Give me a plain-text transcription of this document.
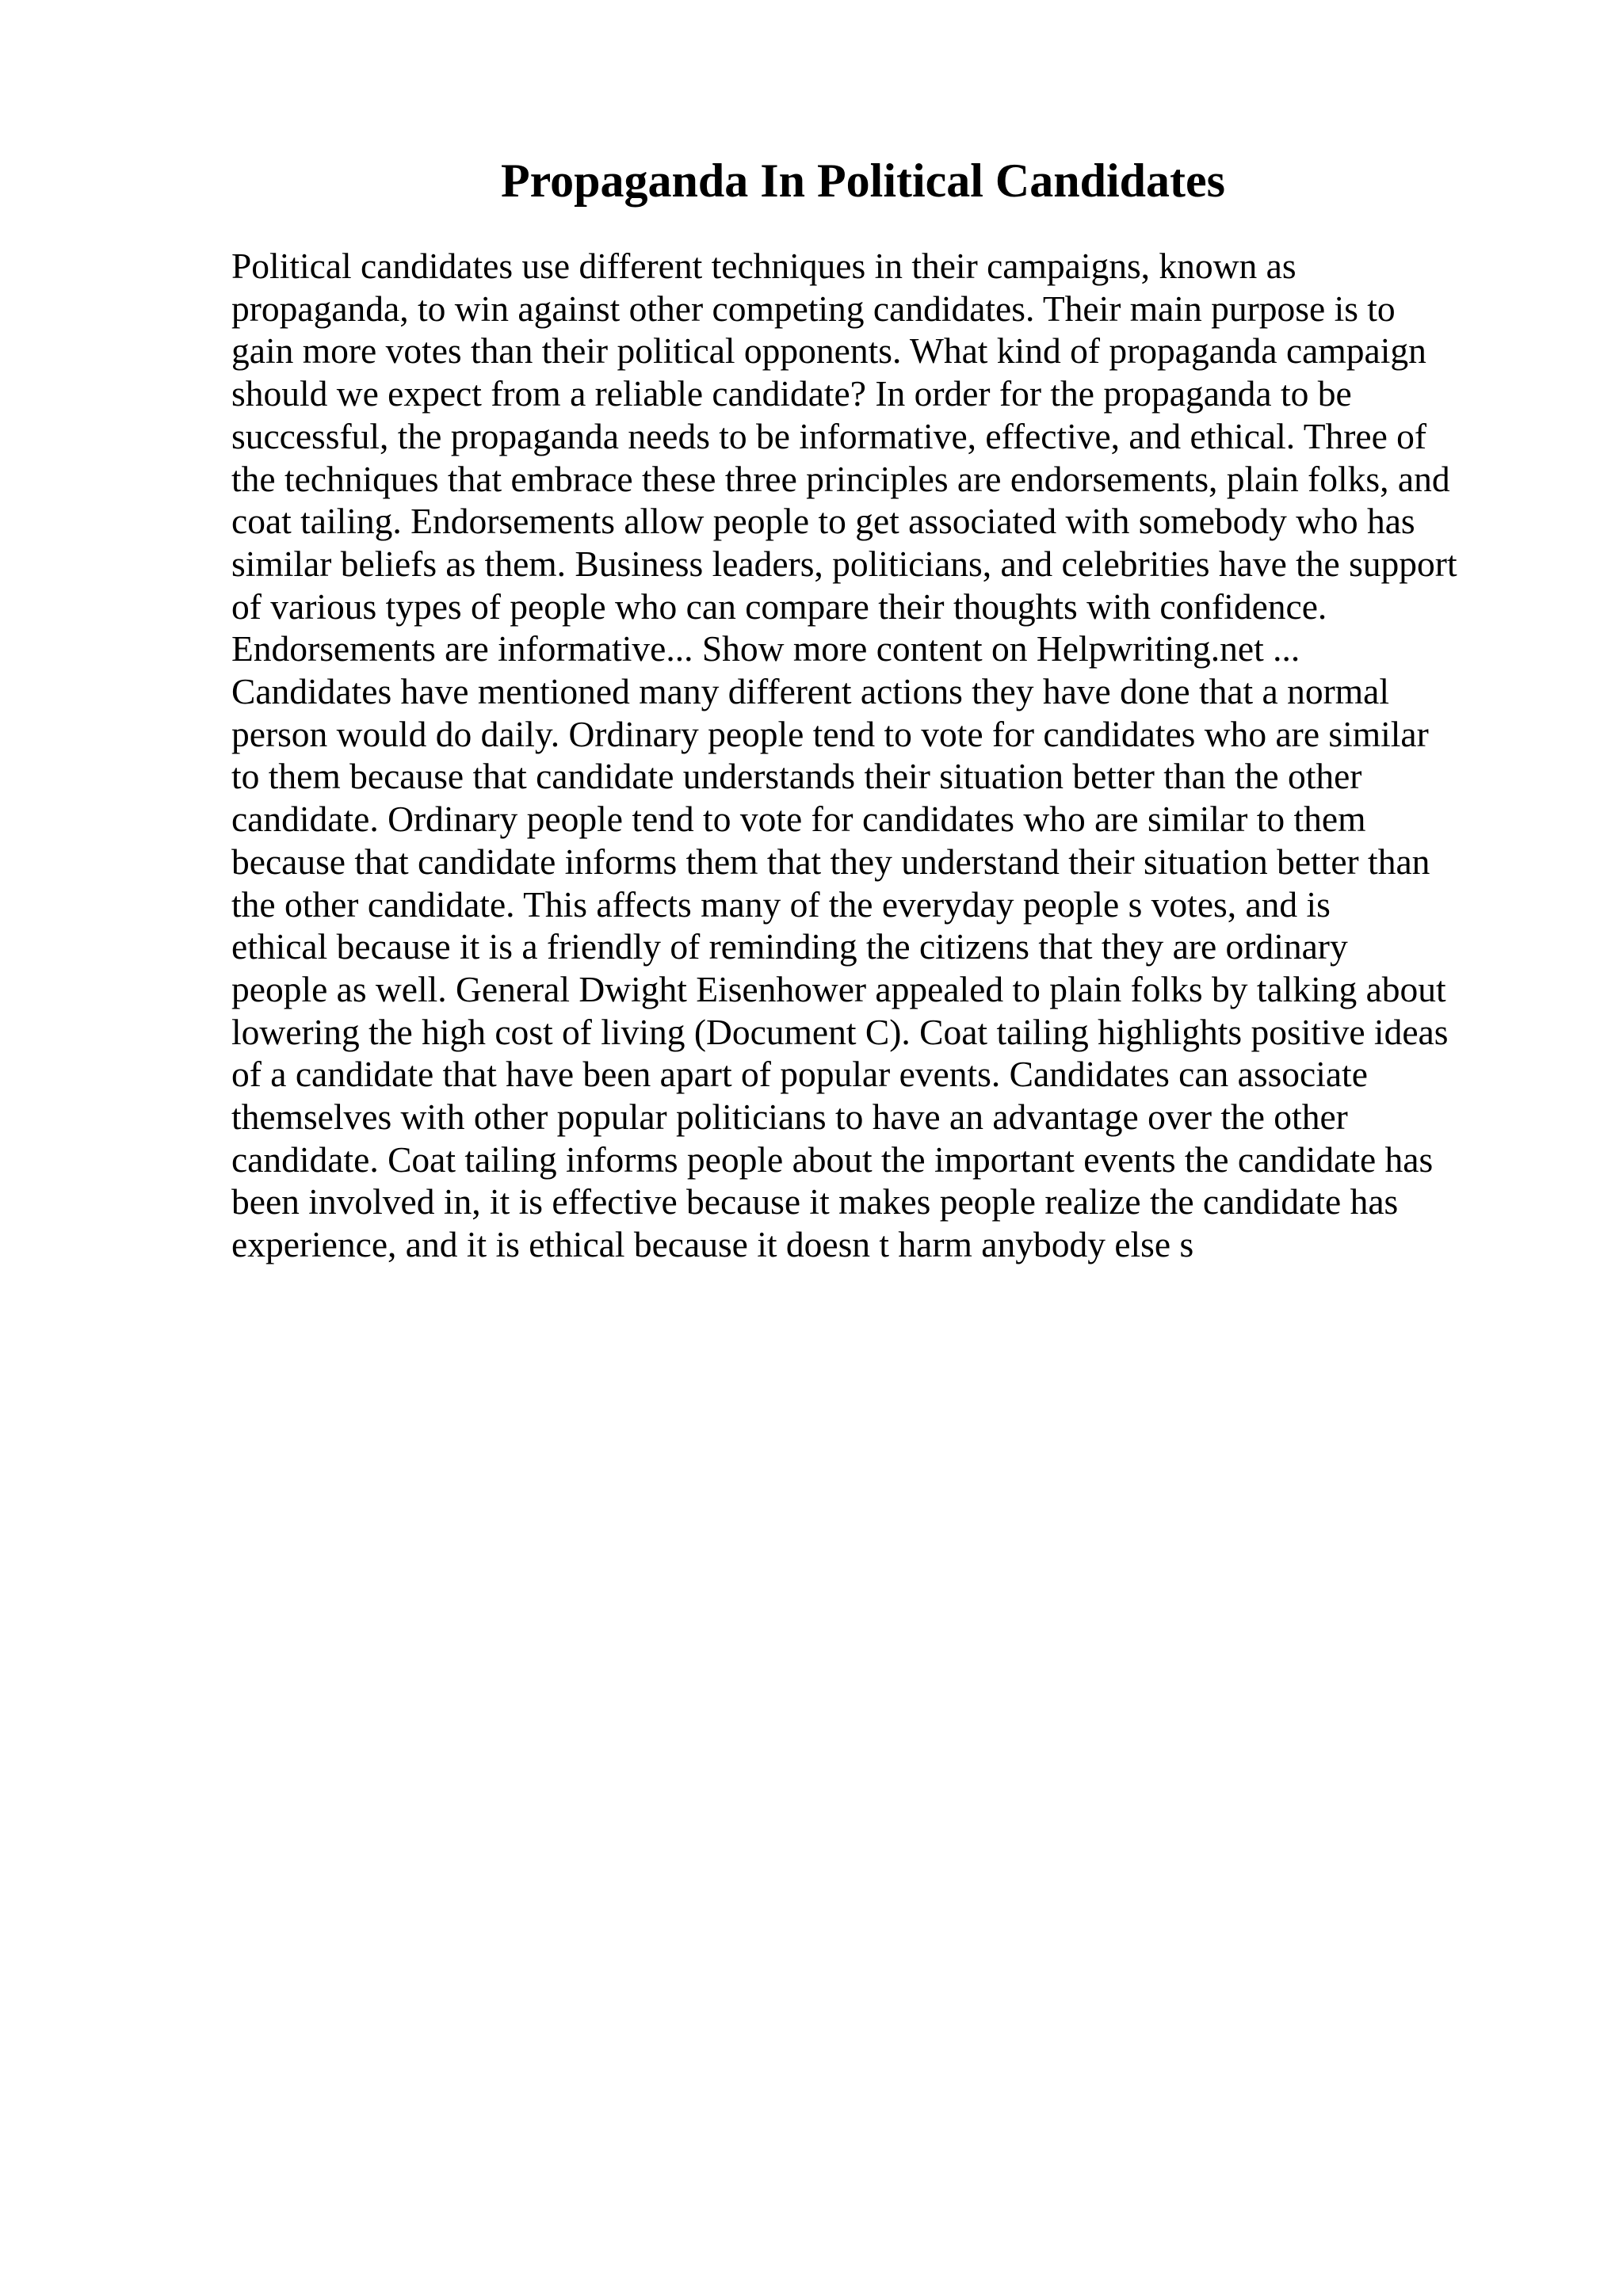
Propaganda In Political Candidates
Political candidates use different techniques in their campaigns, known as
propaganda, to win against other competing candidates. Their main purpose is to
gain more votes than their political opponents. What kind of propaganda campaign
should we expect from a reliable candidate? In order for the propaganda to be
successful, the propaganda needs to be informative, effective, and ethical. Three of
the techniques that embrace these three principles are endorsements, plain folks, and
coat tailing. Endorsements allow people to get associated with somebody who has
similar beliefs as them. Business leaders, politicians, and celebrities have the support
of various types of people who can compare their thoughts with confidence.
Endorsements are informative... Show more content on Helpwriting.net ...
Candidates have mentioned many different actions they have done that a normal
person would do daily. Ordinary people tend to vote for candidates who are similar
to them because that candidate understands their situation better than the other
candidate. Ordinary people tend to vote for candidates who are similar to them
because that candidate informs them that they understand their situation better than
the other candidate. This affects many of the everyday people s votes, and is
ethical because it is a friendly of reminding the citizens that they are ordinary
people as well. General Dwight Eisenhower appealed to plain folks by talking about
lowering the high cost of living (Document C). Coat tailing highlights positive ideas
of a candidate that have been apart of popular events. Candidates can associate
themselves with other popular politicians to have an advantage over the other
candidate. Coat tailing informs people about the important events the candidate has
been involved in, it is effective because it makes people realize the candidate has
experience, and it is ethical because it doesn t harm anybody else s
